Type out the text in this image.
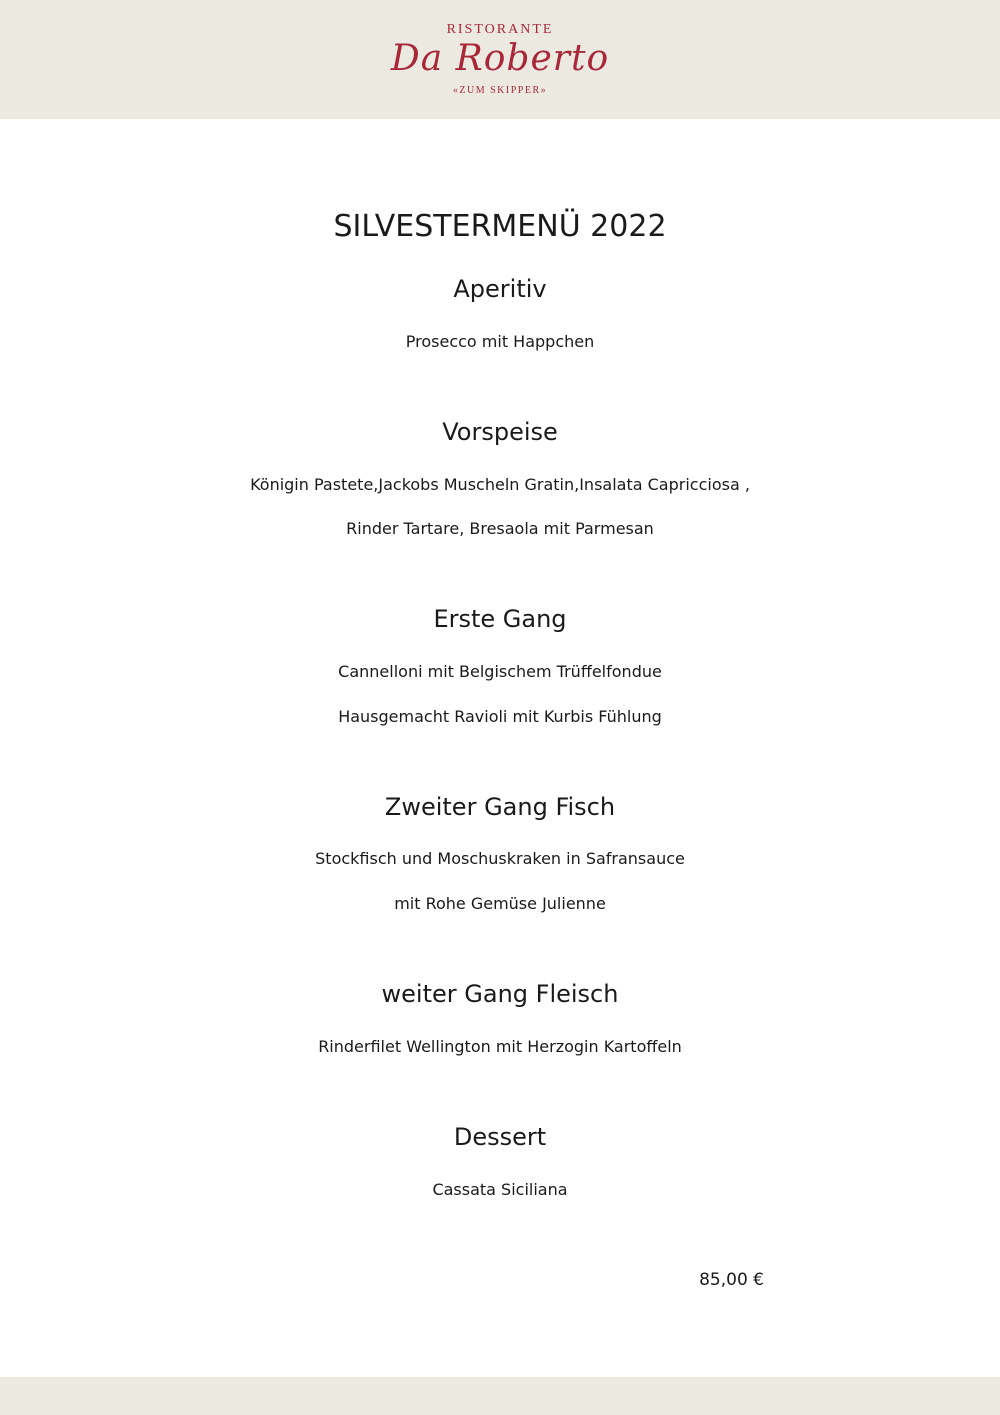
RISTORANTE
Da Roberto
«ZUM SKIPPER»
SILVESTERMENÜ 2022
Aperitiv
Prosecco mit Happchen
Vorspeise
Königin Pastete,Jackobs Muscheln Gratin,Insalata Capricciosa ,
Rinder Tartare, Bresaola mit Parmesan
Erste Gang
Cannelloni mit Belgischem Trüffelfondue
Hausgemacht Ravioli mit Kurbis Fühlung
Zweiter Gang Fisch
Stockfisch und Moschuskraken in Safransauce
mit Rohe Gemüse Julienne
weiter Gang Fleisch
Rinderfilet Wellington mit Herzogin Kartoffeln
Dessert
Cassata Siciliana
85,00 €
